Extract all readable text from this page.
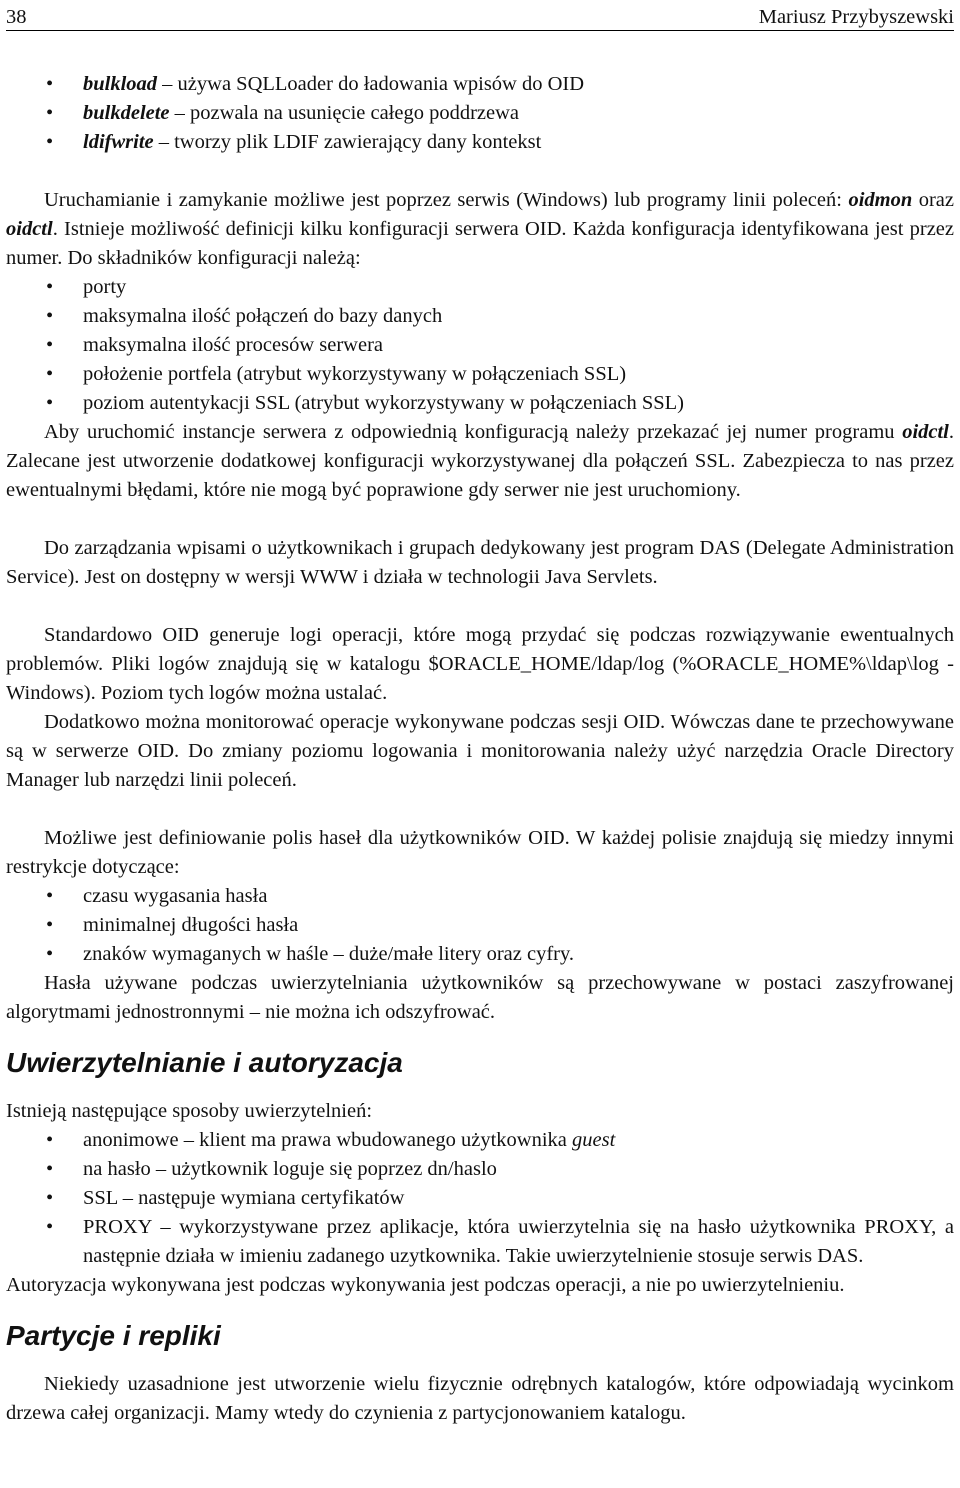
38	Mariusz Przybyszewski
• bulkload – używa SQLLoader do ładowania wpisów do OID
• bulkdelete – pozwala na usunięcie całego poddrzewa
• ldifwrite – tworzy plik LDIF zawierający dany kontekst

Uruchamianie i zamykanie możliwe jest poprzez serwis (Windows) lub programy linii poleceń: oidmon oraz oidctl. Istnieje możliwość definicji kilku konfiguracji serwera OID. Każda konfiguracja identyfikowana jest przez numer. Do składników konfiguracji należą:

• porty
• maksymalna ilość połączeń do bazy danych
• maksymalna ilość procesów serwera
• położenie portfela (atrybut wykorzystywany w połączeniach SSL)
• poziom autentykacji SSL (atrybut wykorzystywany w połączeniach SSL)

Aby uruchomić instancje serwera z odpowiednią konfiguracją należy przekazać jej numer programu oidctl. Zalecane jest utworzenie dodatkowej konfiguracji wykorzystywanej dla połączeń SSL. Zabezpiecza to nas przez ewentualnymi błędami, które nie mogą być poprawione gdy serwer nie jest uruchomiony.

Do zarządzania wpisami o użytkownikach i grupach dedykowany jest program DAS (Delegate Administration Service). Jest on dostępny w wersji WWW i działa w technologii Java Servlets.

Standardowo OID generuje logi operacji, które mogą przydać się podczas rozwiązywanie ewentualnych problemów. Pliki logów znajdują się w katalogu $ORACLE_HOME/ldap/log (%ORACLE_HOME%\ldap\log - Windows). Poziom tych logów można ustalać.

Dodatkowo można monitorować operacje wykonywane podczas sesji OID. Wówczas dane te przechowywane są w serwerze OID. Do zmiany poziomu logowania i monitorowania należy użyć narzędzia Oracle Directory Manager lub narzędzi linii poleceń.

Możliwe jest definiowanie polis haseł dla użytkowników OID. W każdej polisie znajdują się miedzy innymi restrykcje dotyczące:

• czasu wygasania hasła
• minimalnej długości hasła
• znaków wymaganych w haśle – duże/małe litery oraz cyfry.

Hasła używane podczas uwierzytelniania użytkowników są przechowywane w postaci zaszyfrowanej algorytmami jednostronnymi – nie można ich odszyfrować.

Uwierzytelnianie i autoryzacja

Istnieją następujące sposoby uwierzytelnień:

• anonimowe – klient ma prawa wbudowanego użytkownika guest
• na hasło – użytkownik loguje się poprzez dn/haslo
• SSL – następuje wymiana certyfikatów
• PROXY – wykorzystywane przez aplikacje, która uwierzytelnia się na hasło użytkownika PROXY, a następnie działa w imieniu zadanego uzytkownika. Takie uwierzytelnienie stosuje serwis DAS.

Autoryzacja wykonywana jest podczas wykonywania jest podczas operacji, a nie po uwierzytelnieniu.

Partycje i repliki

Niekiedy uzasadnione jest utworzenie wielu fizycznie odrębnych katalogów, które odpowiadają wycinkom drzewa całej organizacji. Mamy wtedy do czynienia z partycjonowaniem katalogu.
